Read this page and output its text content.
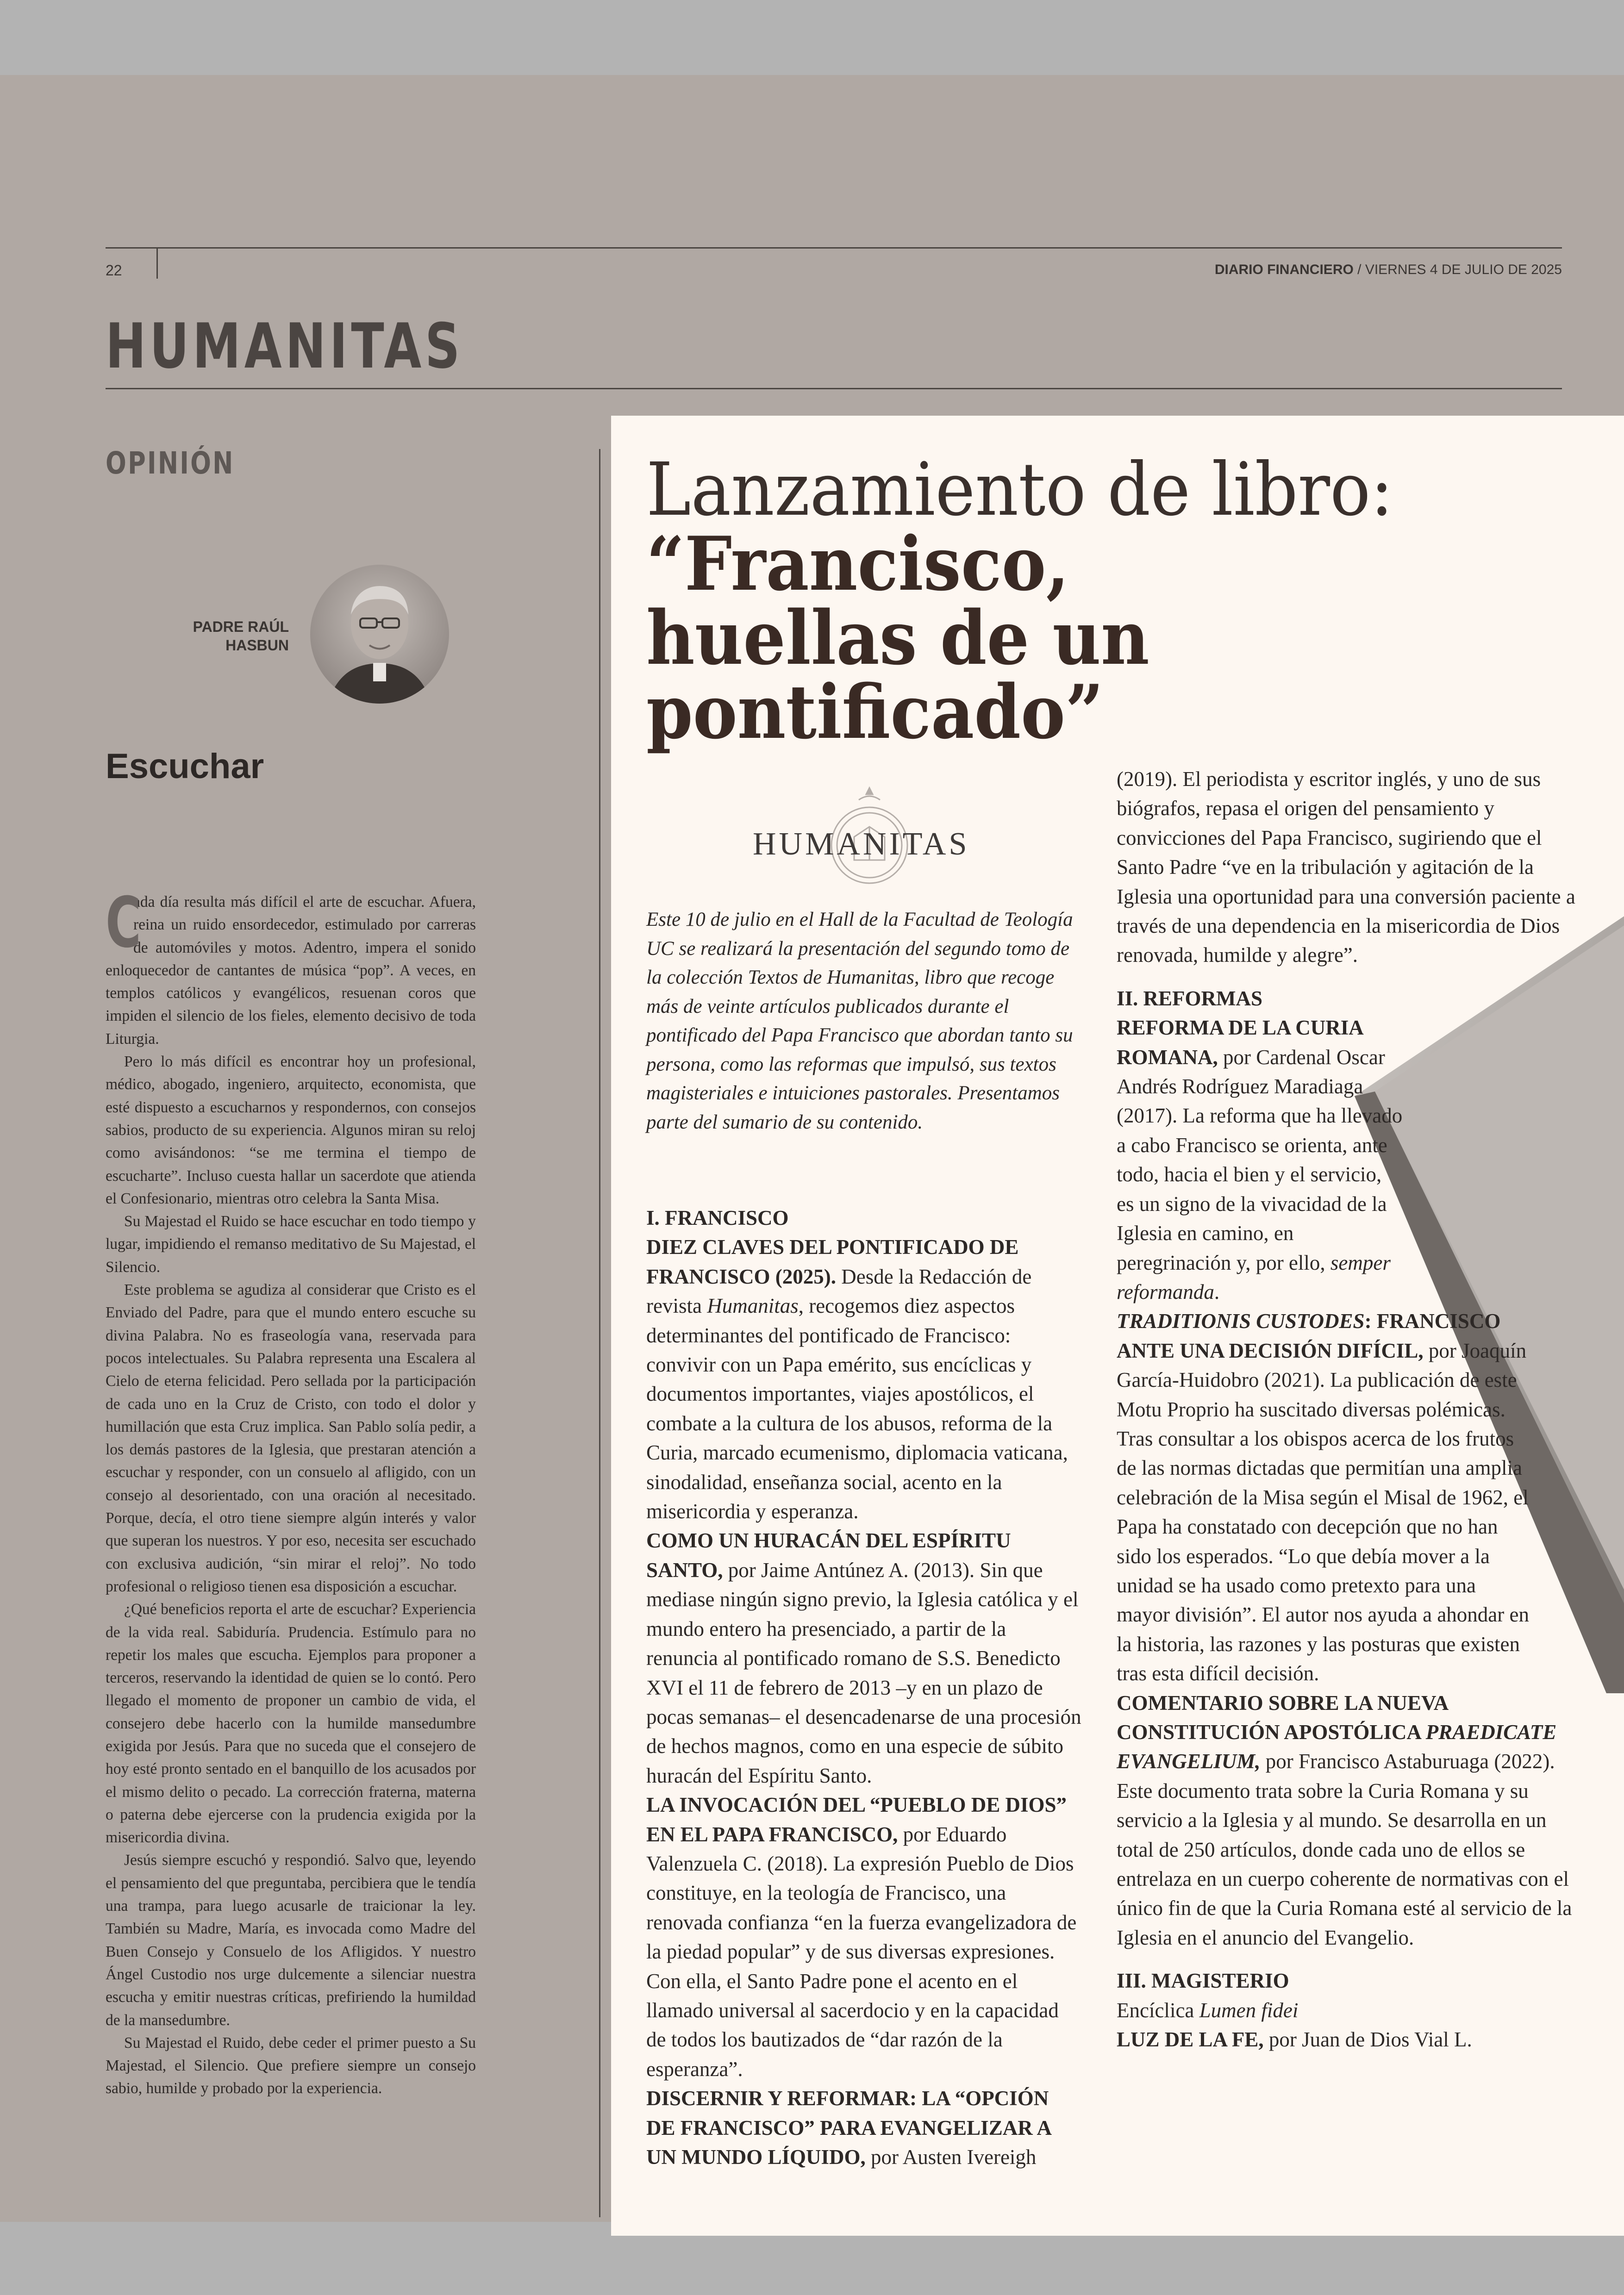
22	DIARIO FINANCIERO / VIERNES 4 DE JULIO DE 2025
HUMANITAS
OPINIÓN
PADRE RAÚL
HASBUN
Escuchar

C
ada día resulta más difícil el arte de escuchar. Afuera, reina un ruido ensordecedor, estimulado por carreras de automóviles y motos. Adentro, impera el sonido enloquecedor de cantantes de música “pop”. A veces, en templos católicos y evangélicos, resuenan coros que impiden el silencio de los fieles, elemento decisivo de toda Liturgia.

Pero lo más difícil es encontrar hoy un profesional, médico, abogado, ingeniero, arquitecto, economista, que esté dispuesto a escucharnos y respondernos, con consejos sabios, producto de su experiencia. Algunos miran su reloj como avisándonos: “se me termina el tiempo de escucharte”. Incluso cuesta hallar un sacerdote que atienda el Confesionario, mientras otro celebra la Santa Misa.

Su Majestad el Ruido se hace escuchar en todo tiempo y lugar, impidiendo el remanso meditativo de Su Majestad, el Silencio.

Este problema se agudiza al considerar que Cristo es el Enviado del Padre, para que el mundo entero escuche su divina Palabra. No es fraseología vana, reservada para pocos intelectuales. Su Palabra representa una Escalera al Cielo de eterna felicidad. Pero sellada por la participación de cada uno en la Cruz de Cristo, con todo el dolor y humillación que esta Cruz implica. San Pablo solía pedir, a los demás pastores de la Iglesia, que prestaran atención a escuchar y responder, con un consuelo al afligido, con un consejo al desorientado, con una oración al necesitado. Porque, decía, el otro tiene siempre algún interés y valor que superan los nuestros. Y por eso, necesita ser escuchado con exclusiva audición, “sin mirar el reloj”. No todo profesional o religioso tienen esa disposición a escuchar.

¿Qué beneficios reporta el arte de escuchar? Experiencia de la vida real. Sabiduría. Prudencia. Estímulo para no repetir los males que escucha. Ejemplos para proponer a terceros, reservando la identidad de quien se lo contó. Pero llegado el momento de proponer un cambio de vida, el consejero debe hacerlo con la humilde mansedumbre exigida por Jesús. Para que no suceda que el consejero de hoy esté pronto sentado en el banquillo de los acusados por el mismo delito o pecado. La corrección fraterna, materna o paterna debe ejercerse con la prudencia exigida por la misericordia divina.

Jesús siempre escuchó y respondió. Salvo que, leyendo el pensamiento del que preguntaba, percibiera que le tendía una trampa, para luego acusarle de traicionar la ley. También su Madre, María, es invocada como Madre del Buen Consejo y Consuelo de los Afligidos. Y nuestro Ángel Custodio nos urge dulcemente a silenciar nuestra escucha y emitir nuestras críticas, prefiriendo la humildad de la mansedumbre.

Su Majestad el Ruido, debe ceder el primer puesto a Su Majestad, el Silencio. Que prefiere siempre un consejo sabio, humilde y probado por la experiencia.

Lanzamiento de libro:
“Francisco, huellas de un pontificado”
HUMANITAS
Este 10 de julio en el Hall de la Facultad de Teología UC se realizará la presentación del segundo tomo de la colección Textos de Humanitas, libro que recoge más de veinte artículos publicados durante el pontificado del Papa Francisco que abordan tanto su persona, como las reformas que impulsó, sus textos magisteriales e intuiciones pastorales. Presentamos parte del sumario de su contenido.
I. FRANCISCO

DIEZ CLAVES DEL PONTIFICADO DE FRANCISCO (2025). Desde la Redacción de revista Humanitas, recogemos diez aspectos determinantes del pontificado de Francisco: convivir con un Papa emérito, sus encíclicas y documentos importantes, viajes apostólicos, el combate a la cultura de los abusos, reforma de la Curia, marcado ecumenismo, diplomacia vaticana, sinodalidad, enseñanza social, acento en la misericordia y esperanza.

COMO UN HURACÁN DEL ESPÍRITU SANTO, por Jaime Antúnez A. (2013). Sin que mediase ningún signo previo, la Iglesia católica y el mundo entero ha presenciado, a partir de la renuncia al pontificado romano de S.S. Benedicto XVI el 11 de febrero de 2013 –y en un plazo de pocas semanas– el desencadenarse de una procesión de hechos magnos, como en una especie de súbito huracán del Espíritu Santo.

LA INVOCACIÓN DEL “PUEBLO DE DIOS” EN EL PAPA FRANCISCO, por Eduardo Valenzuela C. (2018). La expresión Pueblo de Dios constituye, en la teología de Francisco, una renovada confianza “en la fuerza evangelizadora de la piedad popular” y de sus diversas expresiones. Con ella, el Santo Padre pone el acento en el llamado universal al sacerdocio y en la capacidad de todos los bautizados de “dar razón de la esperanza”.

DISCERNIR Y REFORMAR: LA “OPCIÓN DE FRANCISCO” PARA EVANGELIZAR A UN MUNDO LÍQUIDO, por Austen Ivereigh

(2019). El periodista y escritor inglés, y uno de sus biógrafos, repasa el origen del pensamiento y convicciones del Papa Francisco, sugiriendo que el Santo Padre “ve en la tribulación y agitación de la Iglesia una oportunidad para una conversión paciente a través de una dependencia en la misericordia de Dios renovada, humilde y alegre”.

II. REFORMAS

REFORMA DE LA CURIA ROMANA, por Cardenal Oscar Andrés Rodríguez Maradiaga (2017). La reforma que ha llevado a cabo Francisco se orienta, ante todo, hacia el bien y el servicio, es un signo de la vivacidad de la Iglesia en camino, en peregrinación y, por ello, semper reformanda.

TRADITIONIS CUSTODES: FRANCISCO ANTE UNA DECISIÓN DIFÍCIL, por Joaquín García-Huidobro (2021). La publicación de este Motu Proprio ha suscitado diversas polémicas. Tras consultar a los obispos acerca de los frutos de las normas dictadas que permitían una amplia celebración de la Misa según el Misal de 1962, el Papa ha constatado con decepción que no han sido los esperados. “Lo que debía mover a la unidad se ha usado como pretexto para una mayor división”. El autor nos ayuda a ahondar en la historia, las razones y las posturas que existen tras esta difícil decisión.

COMENTARIO SOBRE LA NUEVA CONSTITUCIÓN APOSTÓLICA PRAEDICATE EVANGELIUM, por Francisco Astaburuaga (2022). Este documento trata sobre la Curia Romana y su servicio a la Iglesia y al mundo. Se desarrolla en un total de 250 artículos, donde cada uno de ellos se entrelaza en un cuerpo coherente de normativas con el único fin de que la Curia Romana esté al servicio de la Iglesia en el anuncio del Evangelio.

III. MAGISTERIO

Encíclica Lumen fidei

LUZ DE LA FE, por Juan de Dios Vial L.
